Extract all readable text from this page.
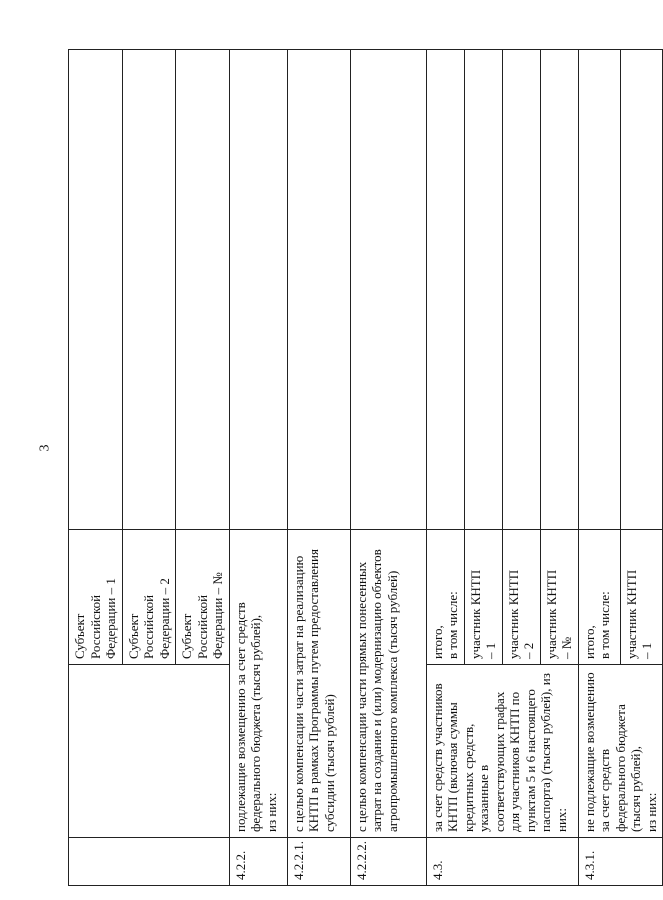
3

		Субъект
Российской
Федерации – 1	

		Субъект
Российской
Федерации – 2	

		Субъект
Российской
Федерации – №	

4.2.2.	подлежащие возмещению за счет средств федерального бюджета (тысяч рублей),
из них:		

4.2.2.1.	с целью компенсации части затрат на реализацию КНТП в рамках Программы путем предоставления субсидии (тысяч рублей)		

4.2.2.2.	с целью компенсации части прямых понесенных затрат на создание и (или) модернизацию объектов агропромышленного комплекса (тысяч рублей)		

4.3.	за счет средств участников КНТП (включая суммы кредитных средств, указанные в соответствующих графах для участников КНТП по пунктам 5 и 6 настоящего паспорта) (тысяч рублей), из них:	итого,
в том числе:	

		участник КНТП
– 1	

		участник КНТП
– 2	

		участник КНТП
– №	

4.3.1.	не подлежащие возмещению за счет средств федерального бюджета (тысяч рублей),
из них:	итого,
в том числе:	

		участник КНТП
– 1	
